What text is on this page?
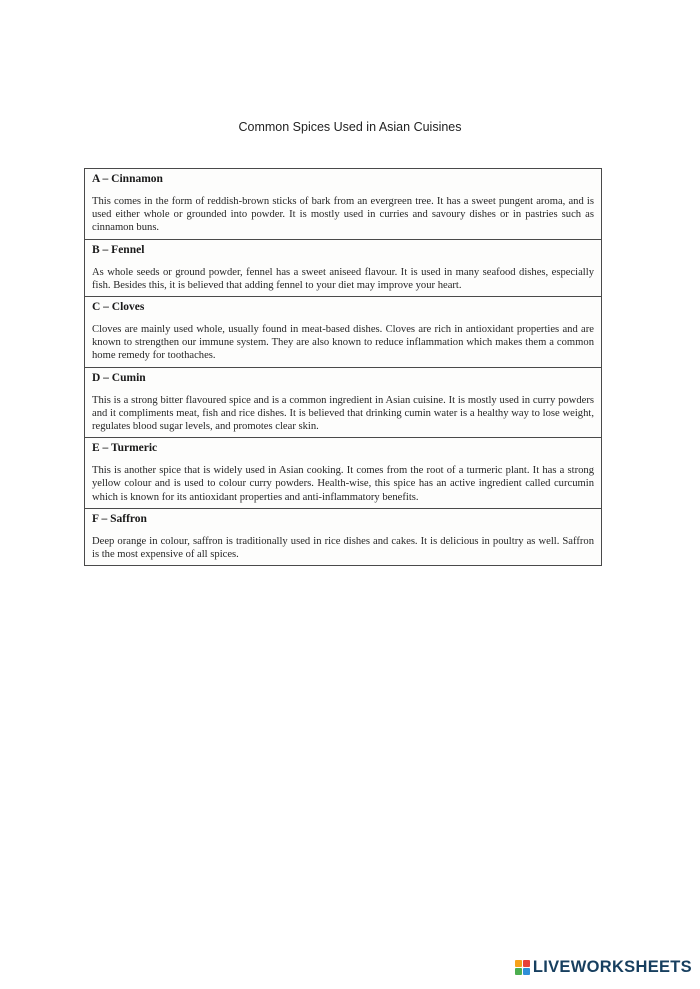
Common Spices Used in Asian Cuisines
A – Cinnamon
This comes in the form of reddish-brown sticks of bark from an evergreen tree. It has a sweet pungent aroma, and is used either whole or grounded into powder. It is mostly used in curries and savoury dishes or in pastries such as cinnamon buns.
B – Fennel
As whole seeds or ground powder, fennel has a sweet aniseed flavour. It is used in many seafood dishes, especially fish. Besides this, it is believed that adding fennel to your diet may improve your heart.
C – Cloves
Cloves are mainly used whole, usually found in meat-based dishes. Cloves are rich in antioxidant properties and are known to strengthen our immune system. They are also known to reduce inflammation which makes them a common home remedy for toothaches.
D – Cumin
This is a strong bitter flavoured spice and is a common ingredient in Asian cuisine. It is mostly used in curry powders and it compliments meat, fish and rice dishes. It is believed that drinking cumin water is a healthy way to lose weight, regulates blood sugar levels, and promotes clear skin.
E – Turmeric
This is another spice that is widely used in Asian cooking. It comes from the root of a turmeric plant. It has a strong yellow colour and is used to colour curry powders. Health-wise, this spice has an active ingredient called curcumin which is known for its antioxidant properties and anti-inflammatory benefits.
F – Saffron
Deep orange in colour, saffron is traditionally used in rice dishes and cakes. It is delicious in poultry as well. Saffron is the most expensive of all spices.
LIVEWORKSHEETS
